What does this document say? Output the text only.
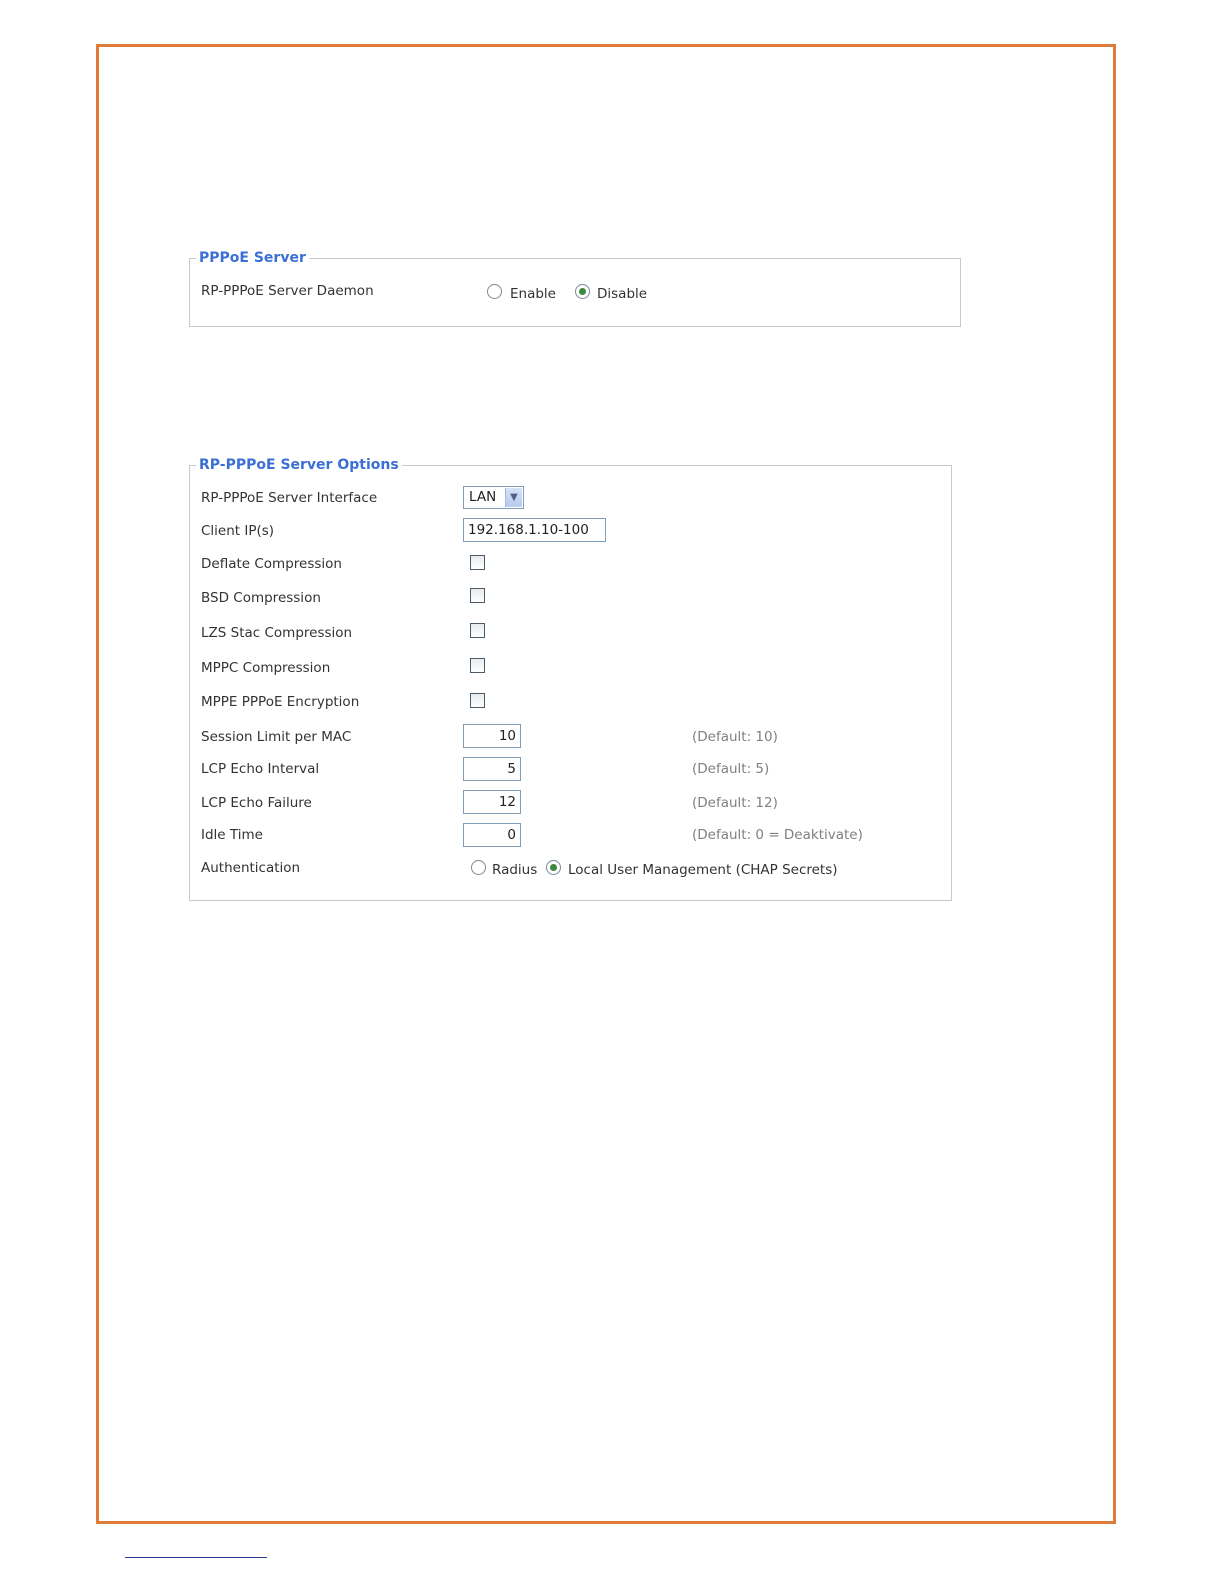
PPPoE Server
RP-PPPoE Server Daemon	Enable	Disable
RP-PPPoE Server Options
RP-PPPoE Server Interface	LAN	▼
Client IP(s)	192.168.1.10-100
Deflate Compression
BSD Compression
LZS Stac Compression
MPPC Compression
MPPE PPPoE Encryption
Session Limit per MAC	10	(Default: 10)
LCP Echo Interval	5	(Default: 5)
LCP Echo Failure	12	(Default: 12)
Idle Time	0	(Default: 0 = Deaktivate)
Authentication	Radius Local User Management (CHAP Secrets)
